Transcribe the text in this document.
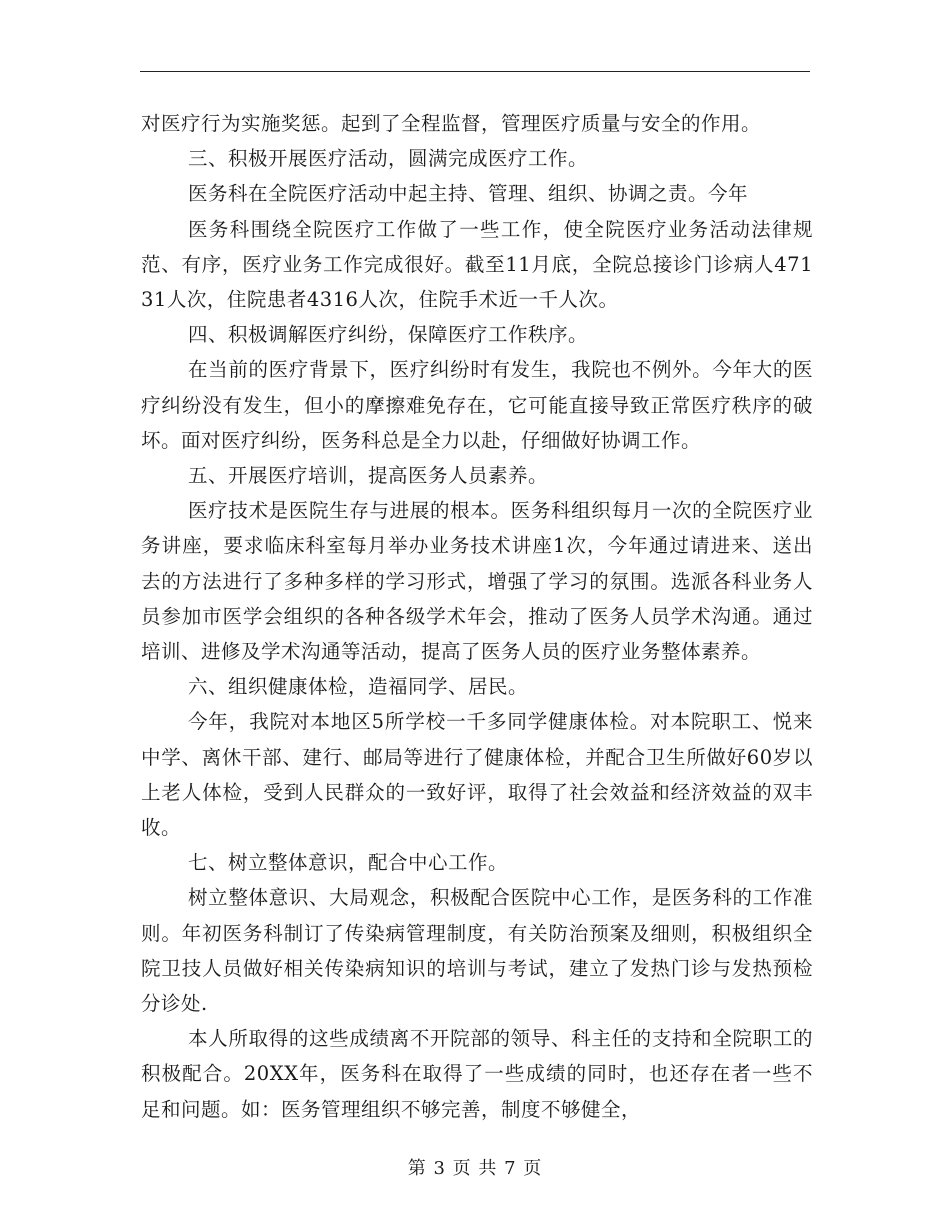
对医疗行为实施奖惩。起到了全程监督，管理医疗质量与安全的作用。

三、积极开展医疗活动，圆满完成医疗工作。

医务科在全院医疗活动中起主持、管理、组织、协调之责。今年

医务科围绕全院医疗工作做了一些工作，使全院医疗业务活动法律规范、有序，医疗业务工作完成很好。截至11月底，全院总接诊门诊病人47131人次，住院患者4316人次，住院手术近一千人次。

四、积极调解医疗纠纷，保障医疗工作秩序。

在当前的医疗背景下，医疗纠纷时有发生，我院也不例外。今年大的医疗纠纷没有发生，但小的摩擦难免存在，它可能直接导致正常医疗秩序的破坏。面对医疗纠纷，医务科总是全力以赴，仔细做好协调工作。

五、开展医疗培训，提高医务人员素养。

医疗技术是医院生存与进展的根本。医务科组织每月一次的全院医疗业务讲座，要求临床科室每月举办业务技术讲座1次，今年通过请进来、送出去的方法进行了多种多样的学习形式，增强了学习的氛围。选派各科业务人员参加市医学会组织的各种各级学术年会，推动了医务人员学术沟通。通过培训、进修及学术沟通等活动，提高了医务人员的医疗业务整体素养。

六、组织健康体检，造福同学、居民。

今年，我院对本地区5所学校一千多同学健康体检。对本院职工、悦来中学、离休干部、建行、邮局等进行了健康体检，并配合卫生所做好60岁以上老人体检，受到人民群众的一致好评，取得了社会效益和经济效益的双丰收。

七、树立整体意识，配合中心工作。

树立整体意识、大局观念，积极配合医院中心工作，是医务科的工作准则。年初医务科制订了传染病管理制度，有关防治预案及细则，积极组织全院卫技人员做好相关传染病知识的培训与考试，建立了发热门诊与发热预检分诊处.

本人所取得的这些成绩离不开院部的领导、科主任的支持和全院职工的积极配合。20XX年，医务科在取得了一些成绩的同时，也还存在者一些不足和问题。如：医务管理组织不够完善，制度不够健全，

第 3 页 共 7 页
